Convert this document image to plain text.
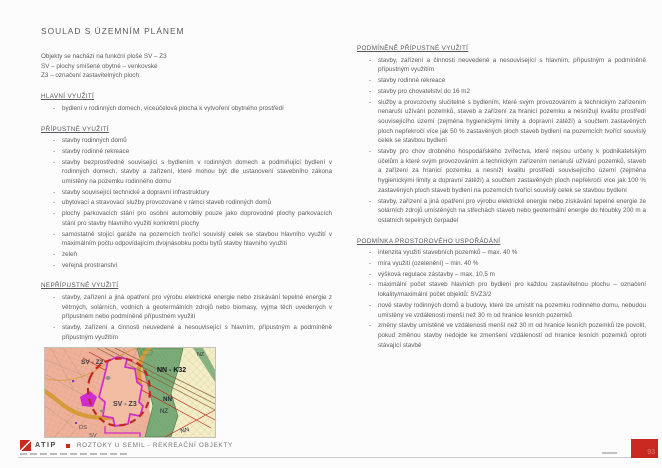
SOULAD S ÚZEMNÍM PLÁNEM
Objekty se nachází na funkční ploše SV – Z3
SV – plochy smíšené obytné – venkovské
Z3 – označení zastavitelných ploch
HLAVNÍ VYUŽITÍ
-	bydlení v rodinných domech, víceúčelová plocha k vytvoření obytného prostředí
PŘÍPUSTNÉ VYUŽITÍ
-	stavby rodinných domů
-	stavby rodinné rekreace
-	stavby bezprostředně související s bydlením v rodinných domech a podmiňující bydlení v rodinných domech, stavby a zařízení, které mohou být dle ustanovení stavebního zákona umístěny na pozemku rodinného domu
-	stavby související technické a dopravní infrastruktury
-	ubytovací a stravovací služby provozované v rámci staveb rodinných domů
-	plochy parkovacích stání pro osobní automobily pouze jako doprovodné plochy parkovacích stání pro stavby hlavního využití konkrétní plochy
-	samostatně stojící garáže na pozemcích tvořící souvislý celek se stavbou hlavního využití v maximálním počtu odpovídajícím dvojnásobku počtu bytů stavby hlavního využití
-	zeleň
-	veřejná prostranství
NEPŘÍPUSTNÉ VYUŽITÍ
-	stavby, zařízení a jiná opatření pro výrobu elektrické energie nebo získávání tepelné energie z větrných, solárních, vodních a geotermálních zdrojů nebo biomasy, vyjma těch uvedených v přípustném nebo podmíněně přípustném využití
-	stavby, zařízení a činnosti neuvedené a nesouvisející s hlavním, přípustným a podmíněně přípustným využitím
PODMÍNĚNĚ PŘÍPUSTNÉ VYUŽITÍ
-	stavby, zařízení a činnosti neuvedené a nesouvisející s hlavním, přípustným a podmíněně přípustným využitím
-	stavby rodinné rekreace
-	stavby pro chovatelství do 16 m2
-	služby a provozovny slučitelné s bydlením, které svým provozováním a technickým zařízením nenaruší užívání pozemků, staveb a zařízení za hranicí pozemku a nesnižují kvalitu prostředí souvisejícího území (zejména hygienickými limity a dopravní zátěží) a součtem zastavěných ploch nepřekročí více jak 50 % zastavěných ploch staveb bydlení na pozemcích tvořící souvislý celek se stavbou bydlení
-	stavby pro chov drobného hospodářského zvířectva, které nejsou určeny k podnikatelským účelům a které svým provozováním a technickým zařízením nenaruší užívání pozemků, staveb a zařízení za hranicí pozemku a nesníží kvalitu prostředí souvisejícího území (zejména hygienickými limity a dopravní zátěží) a součtem zastavěných ploch nepřekročí více jak 100 % zastavěných ploch staveb bydlení na pozemcích tvořící souvislý celek se stavbou bydlení
-	stavby, zařízení a jiná opatření pro výrobu elektrické energie nebo získávání tepelné energie ze solárních zdrojů umístěných na střechách staveb nebo geotermální energie do hloubky 200 m a ostatních tepelných čerpadel
PODMÍNKA PROSTOROVÉHO USPOŘÁDÁNÍ
-	intenzita využití stavebních pozemků – max. 40 %
-	míra využití (ozelenění) – min. 40 %
-	výšková regulace zástavby – max. 10,5 m
-	maximální počet staveb hlavních pro bydlení pro každou zastavitelnou plochu – označení lokality/maximální počet objektů: SVZ3/2
-	nové stavby rodinných domů a budovy, které lze umístit na pozemku rodinného domu, nebudou umístěny ve vzdálenosti menší než 30 m od hranice lesních pozemků
-	změny stavby umístěné ve vzdálenosti menší než 30 m od hranice lesních pozemků lze povolit, pokud změnou stavby nedojde ke zmenšení vzdálenosti od hranice lesních pozemků oproti stávající stavbě
SV - Z2
NN - K32
NN
NZ
NZ
SV - Z3
DS
SV
NN
ATIP	ROZTOKY U SEMIL - REKREAČNÍ OBJEKTY
93
